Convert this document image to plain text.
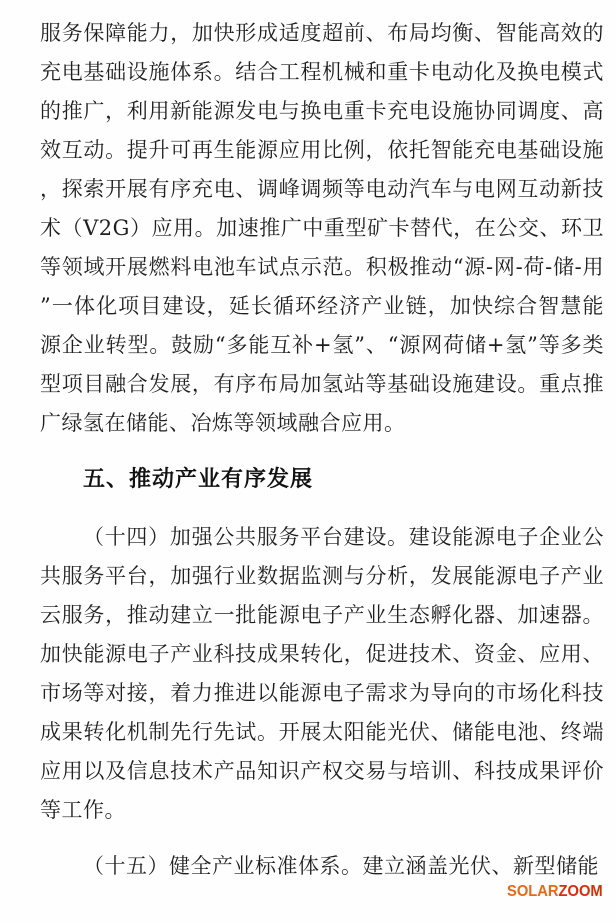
服务保障能力，加快形成适度超前、布局均衡、智能高效的充电基础设施体系。结合工程机械和重卡电动化及换电模式的推广，利用新能源发电与换电重卡充电设施协同调度、高效互动。提升可再生能源应用比例，依托智能充电基础设施，探索开展有序充电、调峰调频等电动汽车与电网互动新技术（V2G）应用。加速推广中重型矿卡替代，在公交、环卫等领域开展燃料电池车试点示范。积极推动“源-网-荷-储-用”一体化项目建设，延长循环经济产业链，加快综合智慧能源企业转型。鼓励“多能互补+氢”、“源网荷储+氢”等多类型项目融合发展，有序布局加氢站等基础设施建设。重点推广绿氢在储能、冶炼等领域融合应用。

五、推动产业有序发展

（十四）加强公共服务平台建设。建设能源电子企业公共服务平台，加强行业数据监测与分析，发展能源电子产业云服务，推动建立一批能源电子产业生态孵化器、加速器。加快能源电子产业科技成果转化，促进技术、资金、应用、市场等对接，着力推进以能源电子需求为导向的市场化科技成果转化机制先行先试。开展太阳能光伏、储能电池、终端应用以及信息技术产品知识产权交易与培训、科技成果评价等工作。

（十五）健全产业标准体系。建立涵盖光伏、新型储能

SOLARZOOM
